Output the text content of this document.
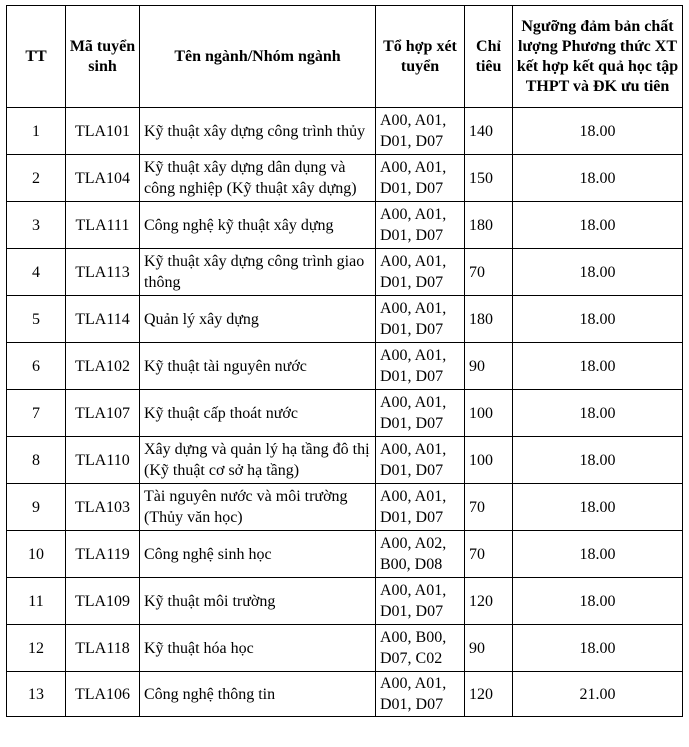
TT	Mã tuyển sinh	Tên ngành/Nhóm ngành	Tổ hợp xét tuyển	Chỉ tiêu	Ngưỡng đảm bản chất lượng Phương thức XT kết hợp kết quả học tập THPT và ĐK ưu tiên
1	TLA101	Kỹ thuật xây dựng công trình thủy	A00, A01,
D01, D07	140	18.00
2	TLA104	Kỹ thuật xây dựng dân dụng và công nghiệp (Kỹ thuật xây dựng)	A00, A01,
D01, D07	150	18.00
3	TLA111	Công nghệ kỹ thuật xây dựng	A00, A01,
D01, D07	180	18.00
4	TLA113	Kỹ thuật xây dựng công trình giao thông	A00, A01,
D01, D07	70	18.00
5	TLA114	Quản lý xây dựng	A00, A01,
D01, D07	180	18.00
6	TLA102	Kỹ thuật tài nguyên nước	A00, A01,
D01, D07	90	18.00
7	TLA107	Kỹ thuật cấp thoát nước	A00, A01,
D01, D07	100	18.00
8	TLA110	Xây dựng và quản lý hạ tầng đô thị (Kỹ thuật cơ sở hạ tầng)	A00, A01,
D01, D07	100	18.00
9	TLA103	Tài nguyên nước và môi trường (Thủy văn học)	A00, A01,
D01, D07	70	18.00
10	TLA119	Công nghệ sinh học	A00, A02,
B00, D08	70	18.00
11	TLA109	Kỹ thuật môi trường	A00, A01,
D01, D07	120	18.00
12	TLA118	Kỹ thuật hóa học	A00, B00,
D07, C02	90	18.00
13	TLA106	Công nghệ thông tin	A00, A01,
D01, D07	120	21.00
